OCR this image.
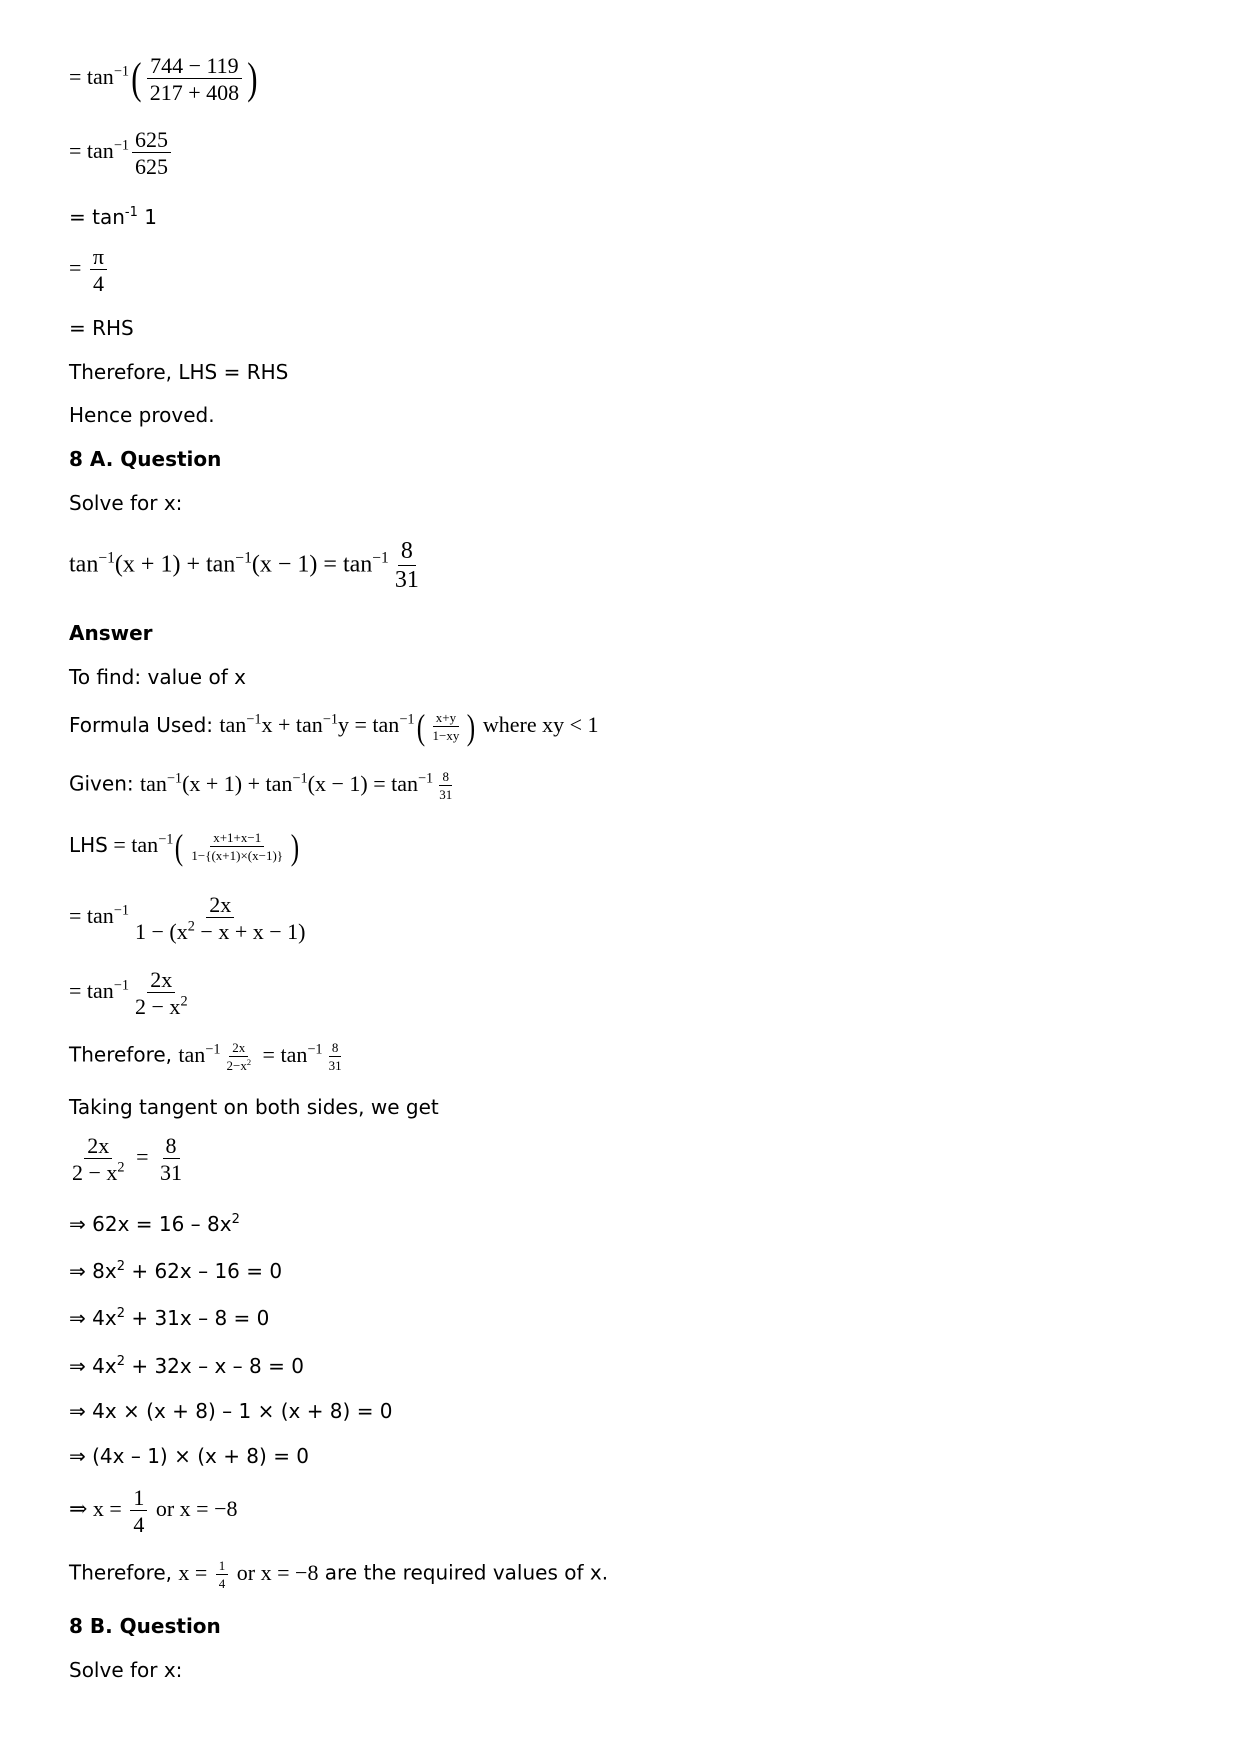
= $\tan^{-1}( \frac{744 - 119}{217 + 408}$ )
= $\tan^{-1} \frac{625}{625}$
= $\tan^{-1} 1$
= $\frac{\pi}{4}$
= RHS
Therefore, LHS = RHS
Hence proved.
8 A. Question
Solve for x:
$\tan^{-1}(x + 1) + \tan^{-1}(x - 1) = \tan^{-1} \frac{8}{31}$
Answer
To find: value of x
Formula Used: $\tan^{-1}x + \tan^{-1}y = \tan^{-1}( \frac{x+y}{1-xy}$ ) where xy < 1
Given: $\tan^{-1}(x + 1) + \tan^{-1}(x - 1) = \tan^{-1} \frac{8}{31}$
LHS = $\tan^{-1}( \frac{x+1+x-1}{1-\{(x+1)\times(x-1)\}}$ )
= $\tan^{-1} \frac{2x}{1 - (x^2 - x + x - 1)}$
= $\tan^{-1} \frac{2x}{2 - x^2}$
Therefore, $\tan^{-1} \frac{2x}{2-x^2} = \tan^{-1} \frac{8}{31}$
Taking tangent on both sides, we get
$\frac{2x}{2 - x^2} = \frac{8}{31}$
⇒ $62x = 16 - 8x^2$
⇒ $8x^2 + 62x - 16 = 0$
⇒ $4x^2 + 31x - 8 = 0$
⇒ $4x^2 + 32x - x - 8 = 0$
⇒ 4x × (x + 8) – 1 × (x + 8) = 0
⇒ (4x – 1) × (x + 8) = 0
⇒ $x = \frac{1}{4}$ or x = −8
Therefore, $x = \frac{1}{4}$ or x = −8 are the required values of x.
8 B. Question
Solve for x:
